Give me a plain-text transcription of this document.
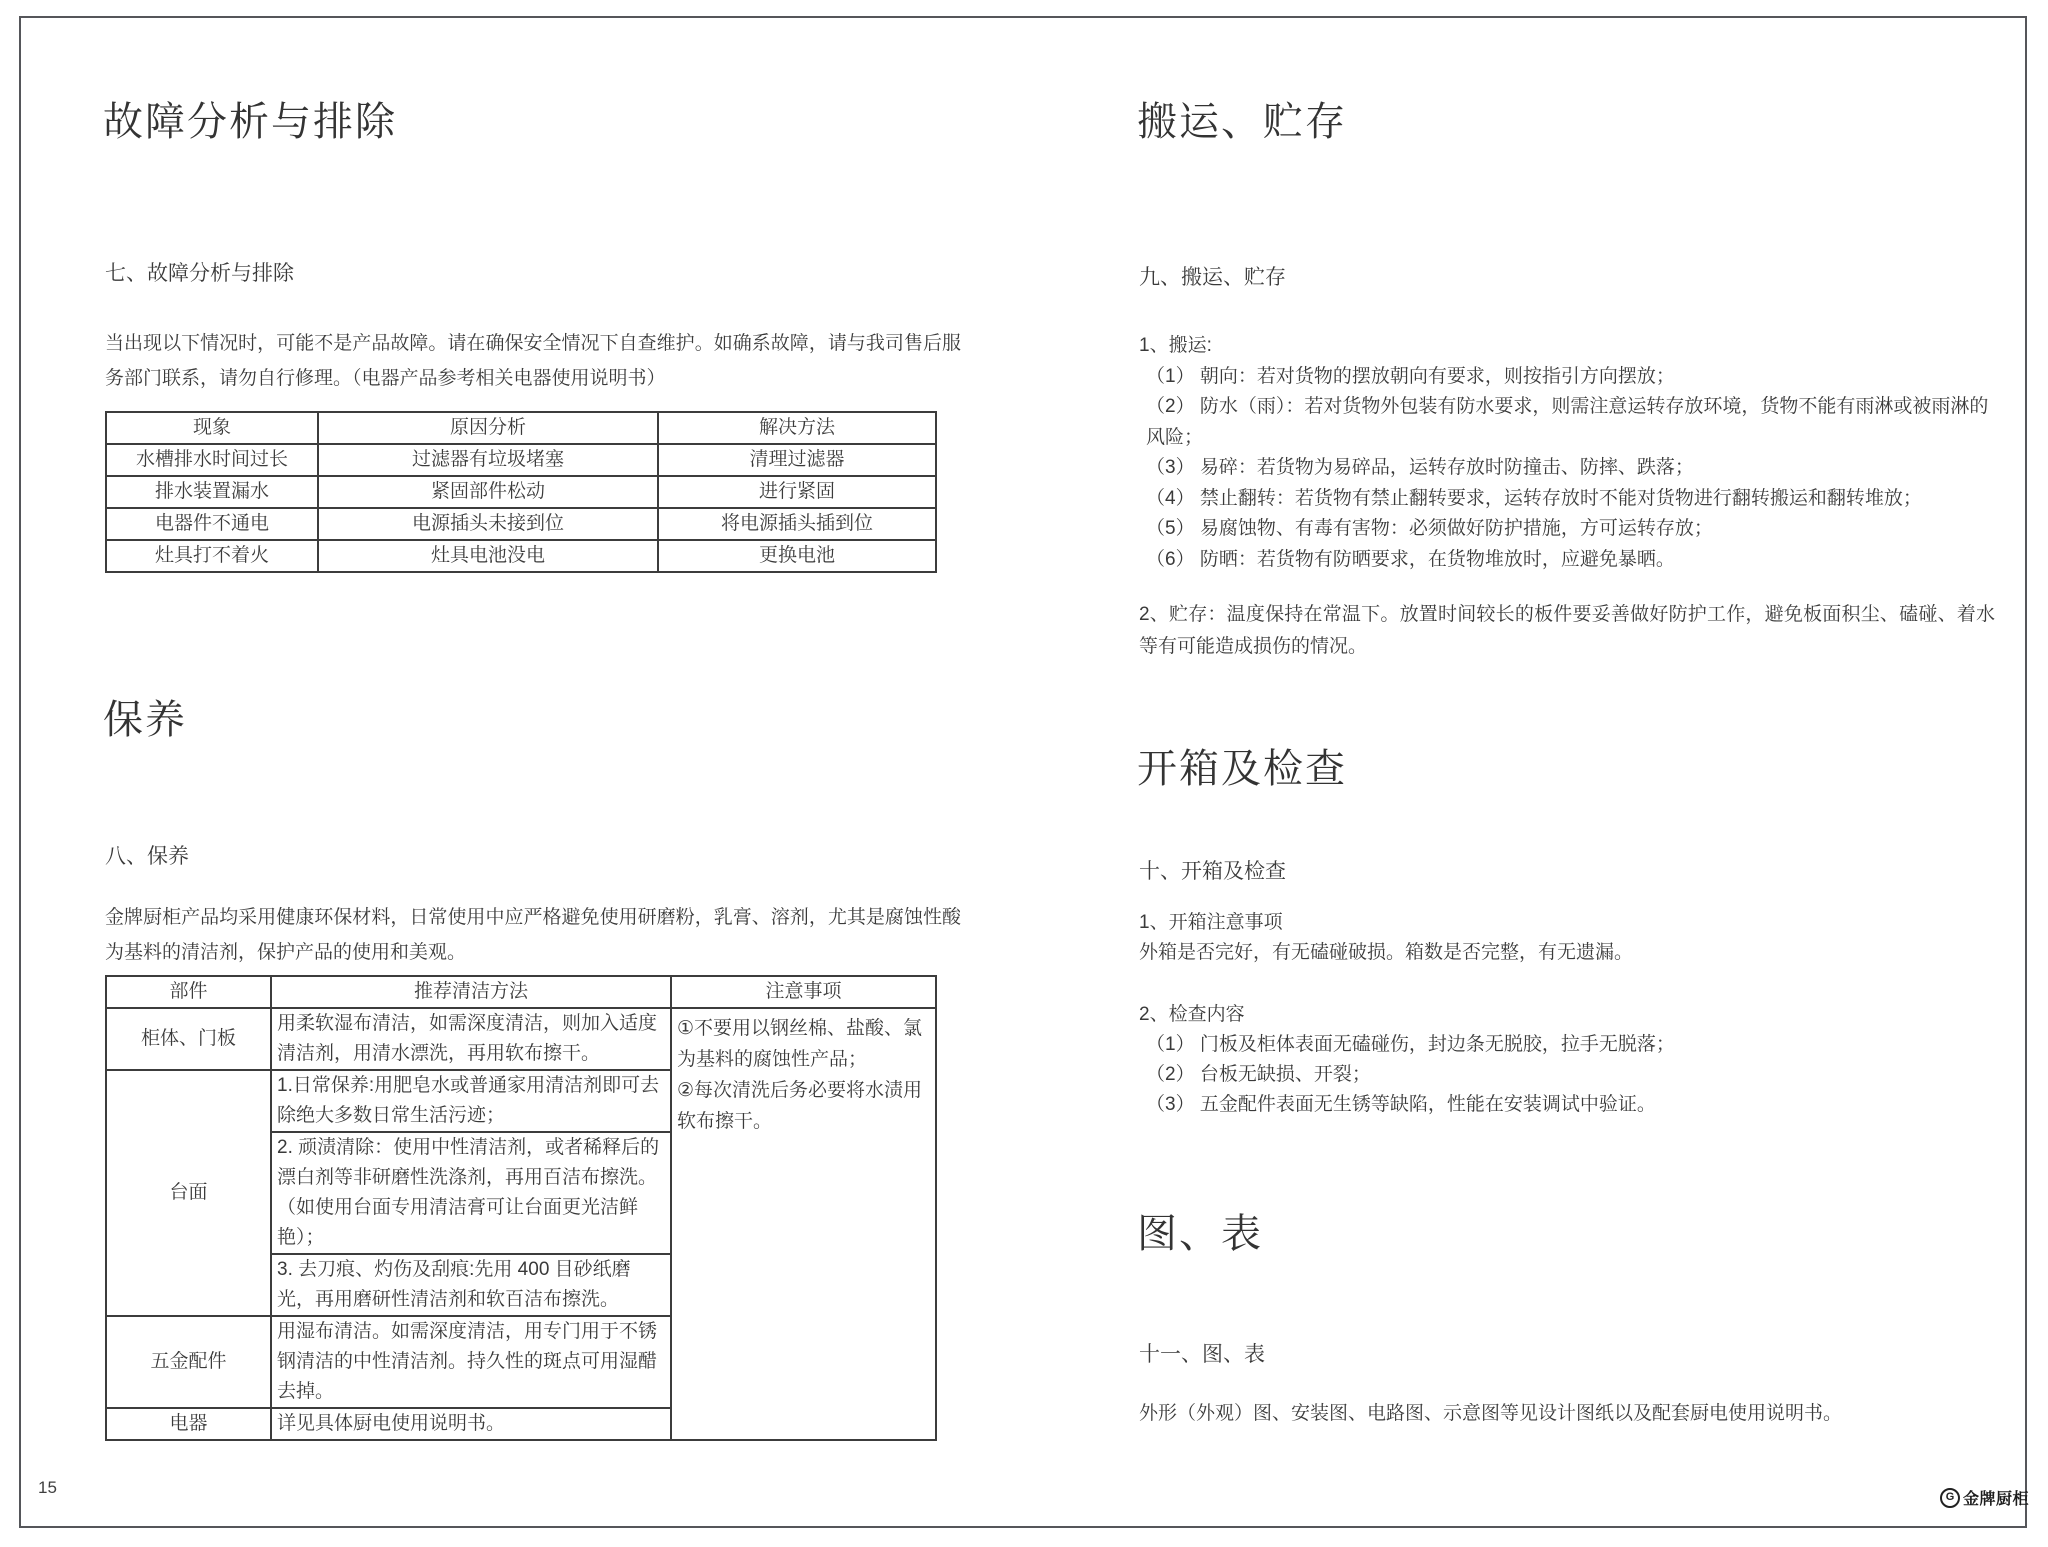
故障分析与排除
七、故障分析与排除
当出现以下情况时，可能不是产品故障。请在确保安全情况下自查维护。如确系故障，请与我司售后服务部门联系，请勿自行修理。（电器产品参考相关电器使用说明书）
现象	原因分析	解决方法
水槽排水时间过长	过滤器有垃圾堵塞	清理过滤器
排水装置漏水	紧固部件松动	进行紧固
电器件不通电	电源插头未接到位	将电源插头插到位
灶具打不着火	灶具电池没电	更换电池
保养
八、保养
金牌厨柜产品均采用健康环保材料，日常使用中应严格避免使用研磨粉，乳膏、溶剂，尤其是腐蚀性酸为基料的清洁剂，保护产品的使用和美观。
部件	推荐清洁方法	注意事项
柜体、门板	用柔软湿布清洁，如需深度清洁，则加入适度清洁剂，用清水漂洗，再用软布擦干。	①不要用以钢丝棉、盐酸、氯为基料的腐蚀性产品；
②每次清洗后务必要将水渍用软布擦干。

台面	1.日常保养:用肥皂水或普通家用清洁剂即可去除绝大多数日常生活污迹；	
	2. 顽渍清除：使用中性清洁剂，或者稀释后的漂白剂等非研磨性洗涤剂，再用百洁布擦洗。（如使用台面专用清洁膏可让台面更光洁鲜艳）；	
	3. 去刀痕、灼伤及刮痕:先用 400 目砂纸磨光，再用磨研性清洁剂和软百洁布擦洗。	
五金配件	用湿布清洁。如需深度清洁，用专门用于不锈钢清洁的中性清洁剂。持久性的斑点可用湿醋去掉。	
电器	详见具体厨电使用说明书。	
搬运、贮存
九、搬运、贮存
1、搬运:
（1） 朝向：若对货物的摆放朝向有要求，则按指引方向摆放；
（2） 防水（雨）：若对货物外包装有防水要求，则需注意运转存放环境，货物不能有雨淋或被雨淋的风险；
（3） 易碎：若货物为易碎品，运转存放时防撞击、防摔、跌落；
（4） 禁止翻转：若货物有禁止翻转要求，运转存放时不能对货物进行翻转搬运和翻转堆放；
（5） 易腐蚀物、有毒有害物：必须做好防护措施，方可运转存放；
（6） 防晒：若货物有防晒要求，在货物堆放时，应避免暴晒。
2、贮存：温度保持在常温下。放置时间较长的板件要妥善做好防护工作，避免板面积尘、磕碰、着水等有可能造成损伤的情况。
开箱及检查
十、开箱及检查
1、开箱注意事项
外箱是否完好，有无磕碰破损。箱数是否完整，有无遗漏。
2、检查内容
（1） 门板及柜体表面无磕碰伤，封边条无脱胶，拉手无脱落；
（2） 台板无缺损、开裂；
（3） 五金配件表面无生锈等缺陷，性能在安装调试中验证。
图、表
十一、图、表
外形（外观）图、安装图、电路图、示意图等见设计图纸以及配套厨电使用说明书。
15	G 金牌厨柜
